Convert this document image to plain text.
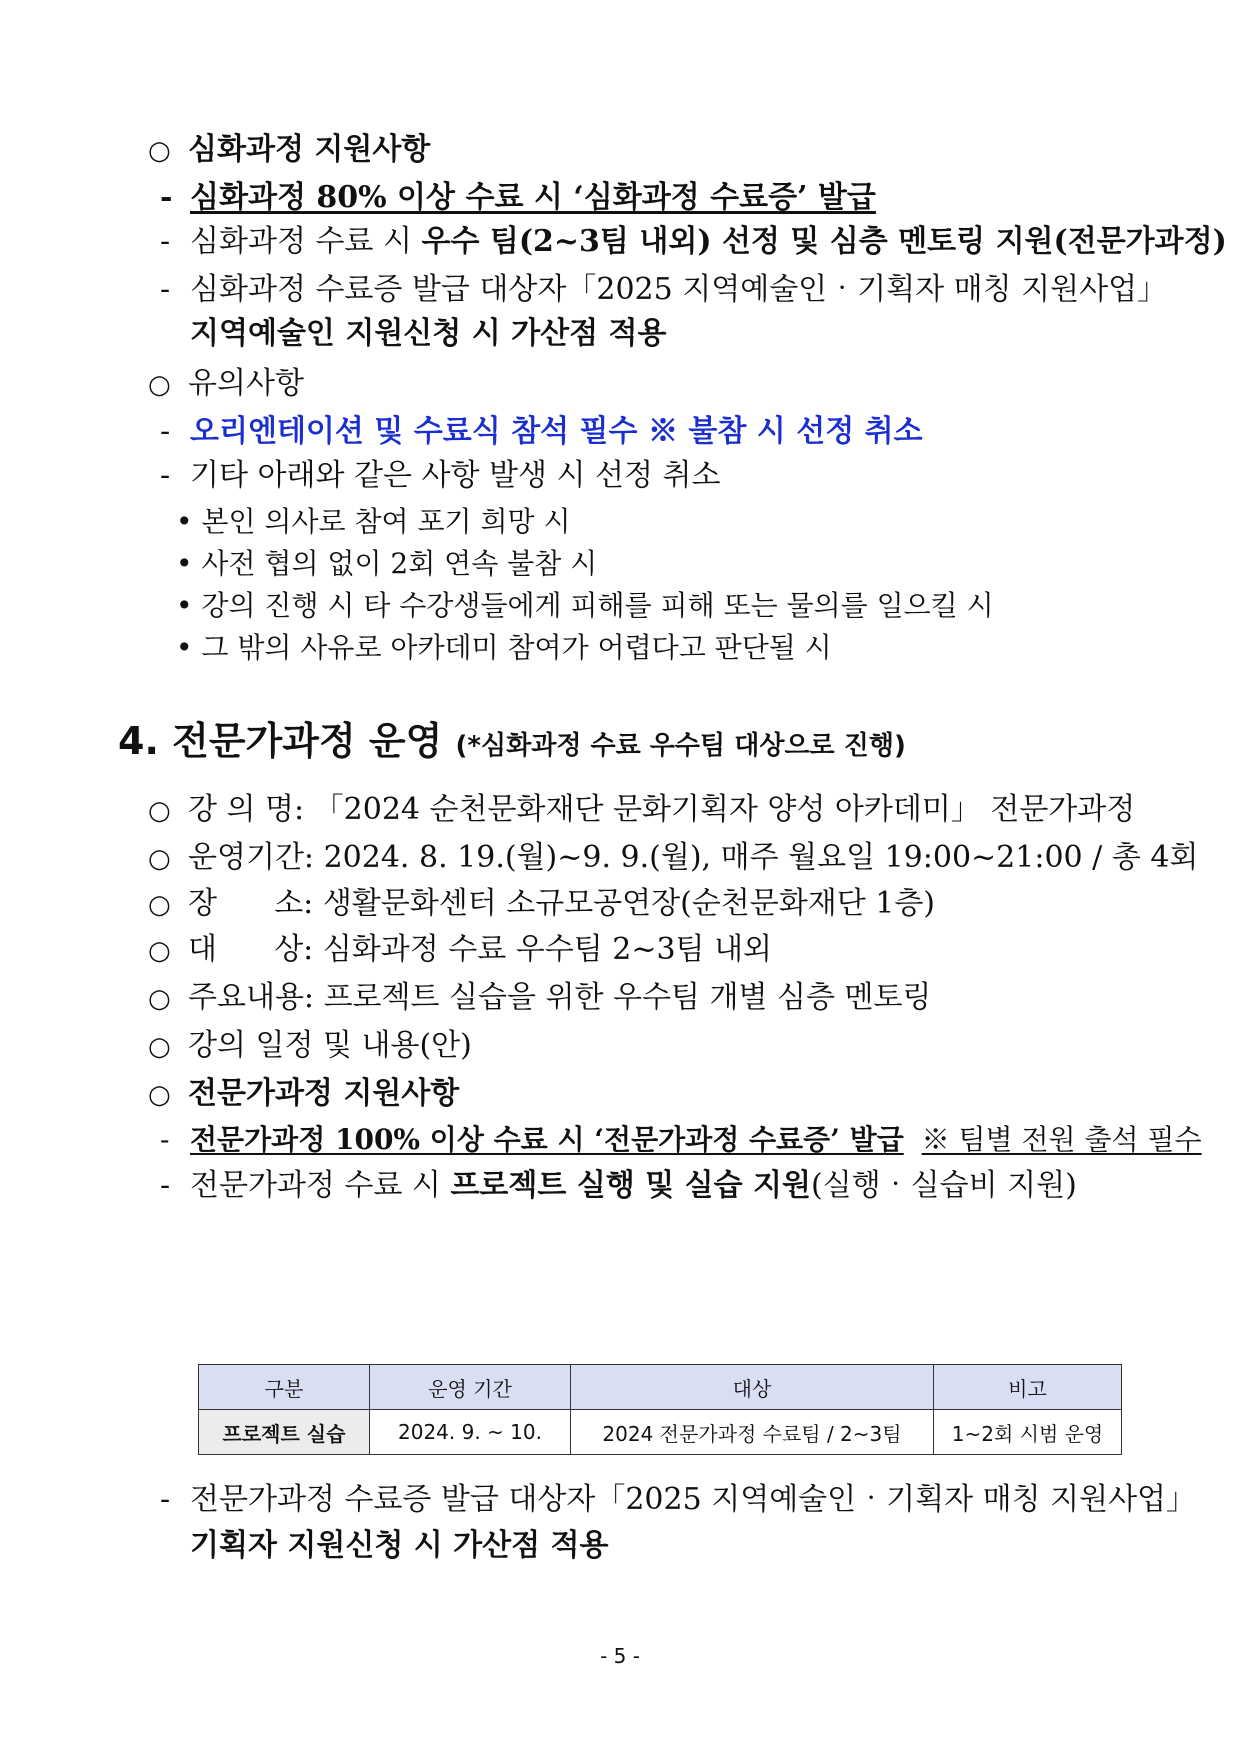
○ 심화과정 지원사항
- 심화과정 80% 이상 수료 시 ‘심화과정 수료증’ 발급
- 심화과정 수료 시 우수 팀(2~3팀 내외) 선정 및 심층 멘토링 지원(전문가과정)
- 심화과정 수료증 발급 대상자「2025 지역예술인‧기획자 매칭 지원사업」
지역예술인 지원신청 시 가산점 적용
○ 유의사항
- 오리엔테이션 및 수료식 참석 필수 ※ 불참 시 선정 취소
- 기타 아래와 같은 사항 발생 시 선정 취소
• 본인 의사로 참여 포기 희망 시
• 사전 협의 없이 2회 연속 불참 시
• 강의 진행 시 타 수강생들에게 피해를 피해 또는 물의를 일으킬 시
• 그 밖의 사유로 아카데미 참여가 어렵다고 판단될 시
4. 전문가과정 운영 (*심화과정 수료 우수팀 대상으로 진행)
○ 강 의 명: 「2024 순천문화재단 문화기획자 양성 아카데미」 전문가과정
○ 운영기간: 2024. 8. 19.(월)~9. 9.(월), 매주 월요일 19:00~21:00 / 총 4회
○ 장      소: 생활문화센터 소규모공연장(순천문화재단 1층)
○ 대      상: 심화과정 수료 우수팀 2~3팀 내외
○ 주요내용: 프로젝트 실습을 위한 우수팀 개별 심층 멘토링
○ 강의 일정 및 내용(안)
○ 전문가과정 지원사항
- 전문가과정 100% 이상 수료 시 ‘전문가과정 수료증’ 발급 ※ 팀별 전원 출석 필수
- 전문가과정 수료 시 프로젝트 실행 및 실습 지원(실행‧실습비 지원)
구분	운영 기간	대상	비고
프로젝트 실습	2024. 9. ~ 10.	2024 전문가과정 수료팀 / 2~3팀	1~2회 시범 운영
- 전문가과정 수료증 발급 대상자「2025 지역예술인‧기획자 매칭 지원사업」
기획자 지원신청 시 가산점 적용
- 5 -
